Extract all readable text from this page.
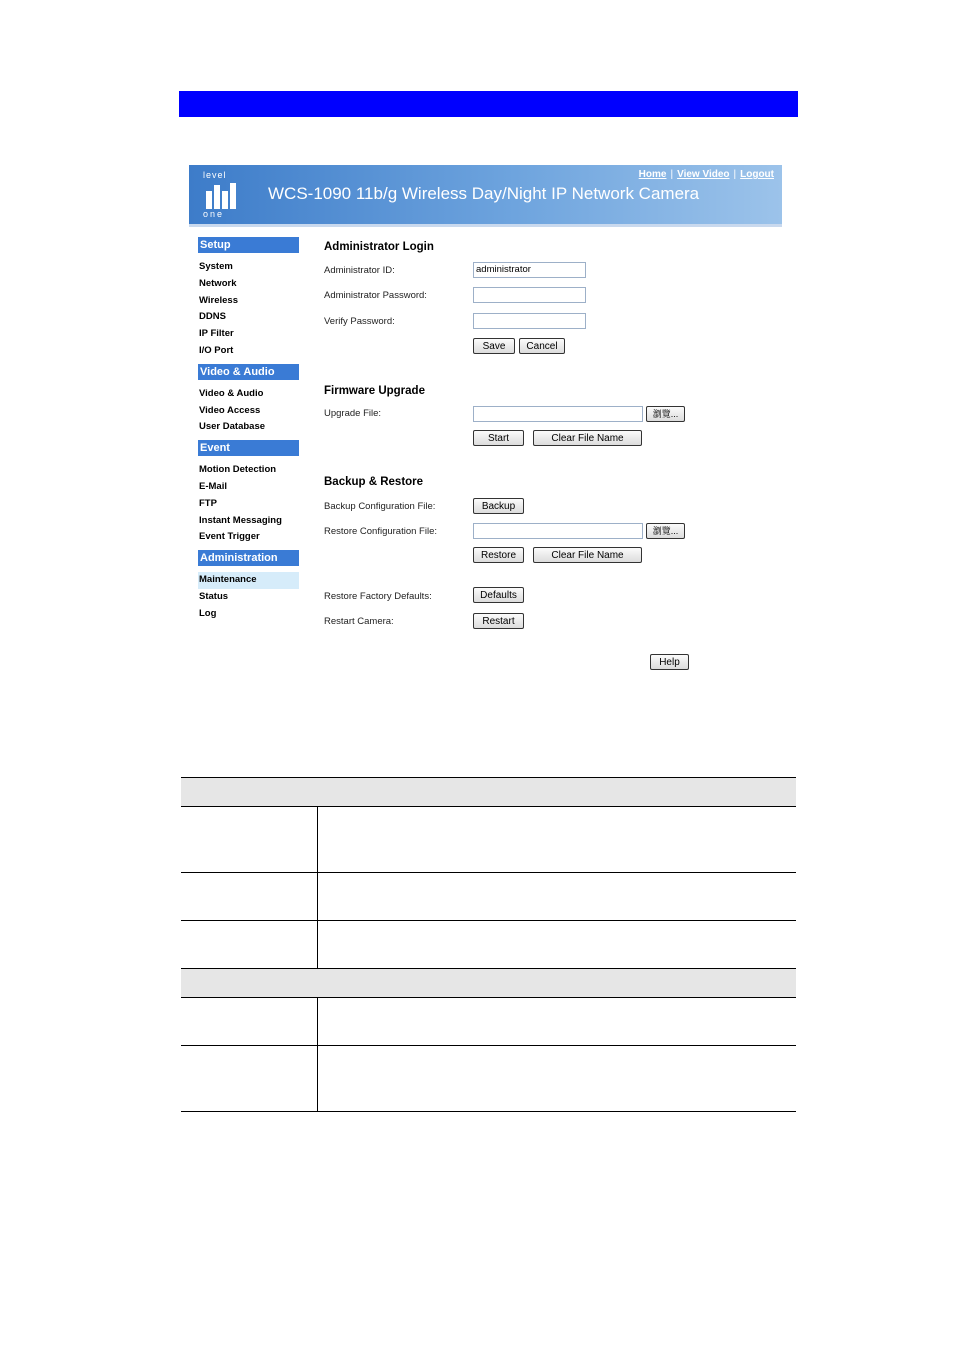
level
one
WCS-1090 11b/g Wireless Day/Night IP Network Camera
Home | View Video | Logout
Setup
System
Network
Wireless
DDNS
IP Filter
I/O Port
Video & Audio
Video & Audio
Video Access
User Database
Event
Motion Detection
E-Mail
FTP
Instant Messaging
Event Trigger
Administration
Maintenance
Status
Log
Administrator Login
Administrator ID:	administrator
Administrator Password:
Verify Password:
Save	Cancel
Firmware Upgrade
Upgrade File:	瀏覽...
Start	Clear File Name
Backup & Restore
Backup Configuration File:	Backup
Restore Configuration File:	瀏覽...
Restore	Clear File Name
Restore Factory Defaults:	Defaults
Restart Camera:	Restart
Help
